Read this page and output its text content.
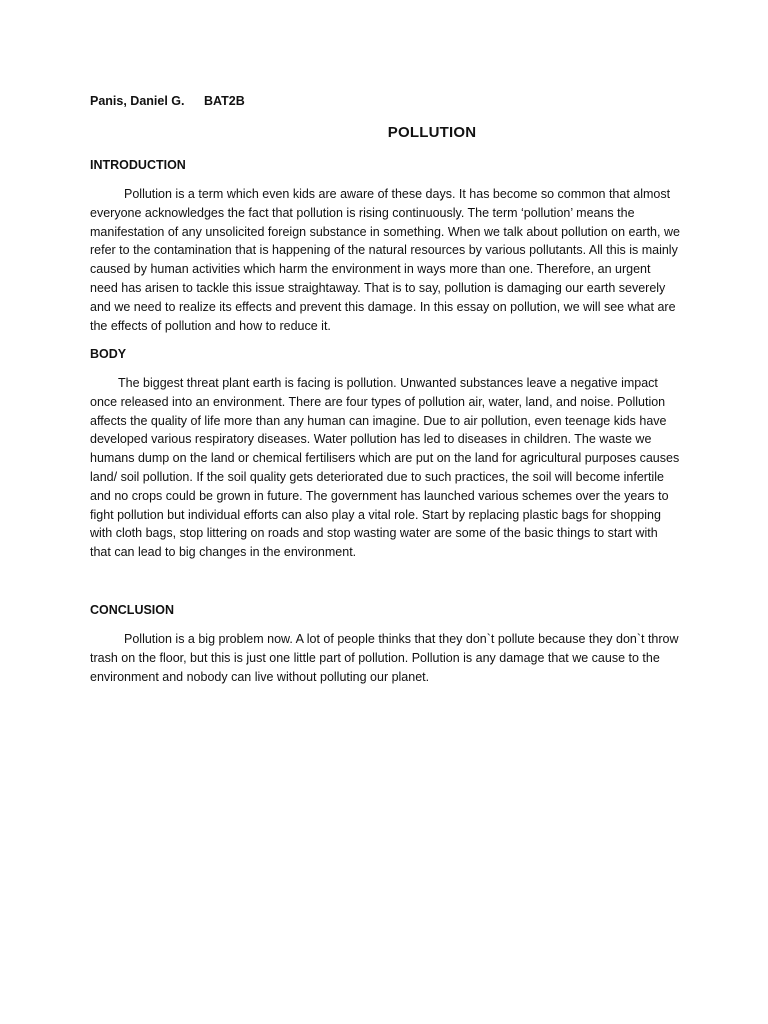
Panis, Daniel G. BAT2B
POLLUTION
INTRODUCTION

Pollution is a term which even kids are aware of these days. It has become so common that almost everyone acknowledges the fact that pollution is rising continuously. The term ‘pollution’ means the manifestation of any unsolicited foreign substance in something. When we talk about pollution on earth, we refer to the contamination that is happening of the natural resources by various pollutants. All this is mainly caused by human activities which harm the environment in ways more than one. Therefore, an urgent need has arisen to tackle this issue straightaway. That is to say, pollution is damaging our earth severely and we need to realize its effects and prevent this damage. In this essay on pollution, we will see what are the effects of pollution and how to reduce it.

BODY

The biggest threat plant earth is facing is pollution. Unwanted substances leave a negative impact once released into an environment. There are four types of pollution air, water, land, and noise. Pollution affects the quality of life more than any human can imagine. Due to air pollution, even teenage kids have developed various respiratory diseases. Water pollution has led to diseases in children. The waste we humans dump on the land or chemical fertilisers which are put on the land for agricultural purposes causes land/ soil pollution. If the soil quality gets deteriorated due to such practices, the soil will become infertile and no crops could be grown in future. The government has launched various schemes over the years to fight pollution but individual efforts can also play a vital role. Start by replacing plastic bags for shopping with cloth bags, stop littering on roads and stop wasting water are some of the basic things to start with that can lead to big changes in the environment.

CONCLUSION

Pollution is a big problem now. A lot of people thinks that they don`t pollute because they don`t throw trash on the floor, but this is just one little part of pollution. Pollution is any damage that we cause to the environment and nobody can live without polluting our planet.
